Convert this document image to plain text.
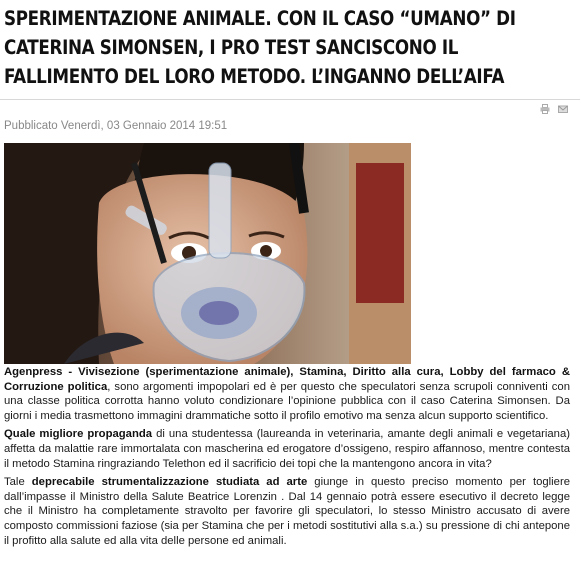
SPERIMENTAZIONE ANIMALE. CON IL CASO “UMANO” DI CATERINA SIMONSEN, I PRO TEST SANCISCONO IL FALLIMENTO DEL LORO METODO. L’INGANNO DELL’AIFA

Pubblicato Venerdì, 03 Gennaio 2014 19:51

Agenpress - Vivisezione (sperimentazione animale), Stamina, Diritto alla cura, Lobby del farmaco & Corruzione politica, sono argomenti impopolari ed è per questo che speculatori senza scrupoli conniventi con una classe politica corrotta hanno voluto condizionare l’opinione pubblica con il caso Caterina Simonsen. Da giorni i media trasmettono immagini drammatiche sotto il profilo emotivo ma senza alcun supporto scientifico.

Quale migliore propaganda di una studentessa (laureanda in veterinaria, amante degli animali e vegetariana) affetta da malattie rare immortalata con mascherina ed erogatore d’ossigeno, respiro affannoso, mentre contesta il metodo Stamina ringraziando Telethon ed il sacrificio dei topi che la mantengono ancora in vita?

Tale deprecabile strumentalizzazione studiata ad arte giunge in questo preciso momento per togliere dall’impasse il Ministro della Salute Beatrice Lorenzin . Dal 14 gennaio potrà essere esecutivo il decreto legge che il Ministro ha completamente stravolto per favorire gli speculatori, lo stesso Ministro accusato di avere composto commissioni faziose (sia per Stamina che per i metodi sostitutivi alla s.a.) su pressione di chi antepone il profitto alla salute ed alla vita delle persone ed animali.
